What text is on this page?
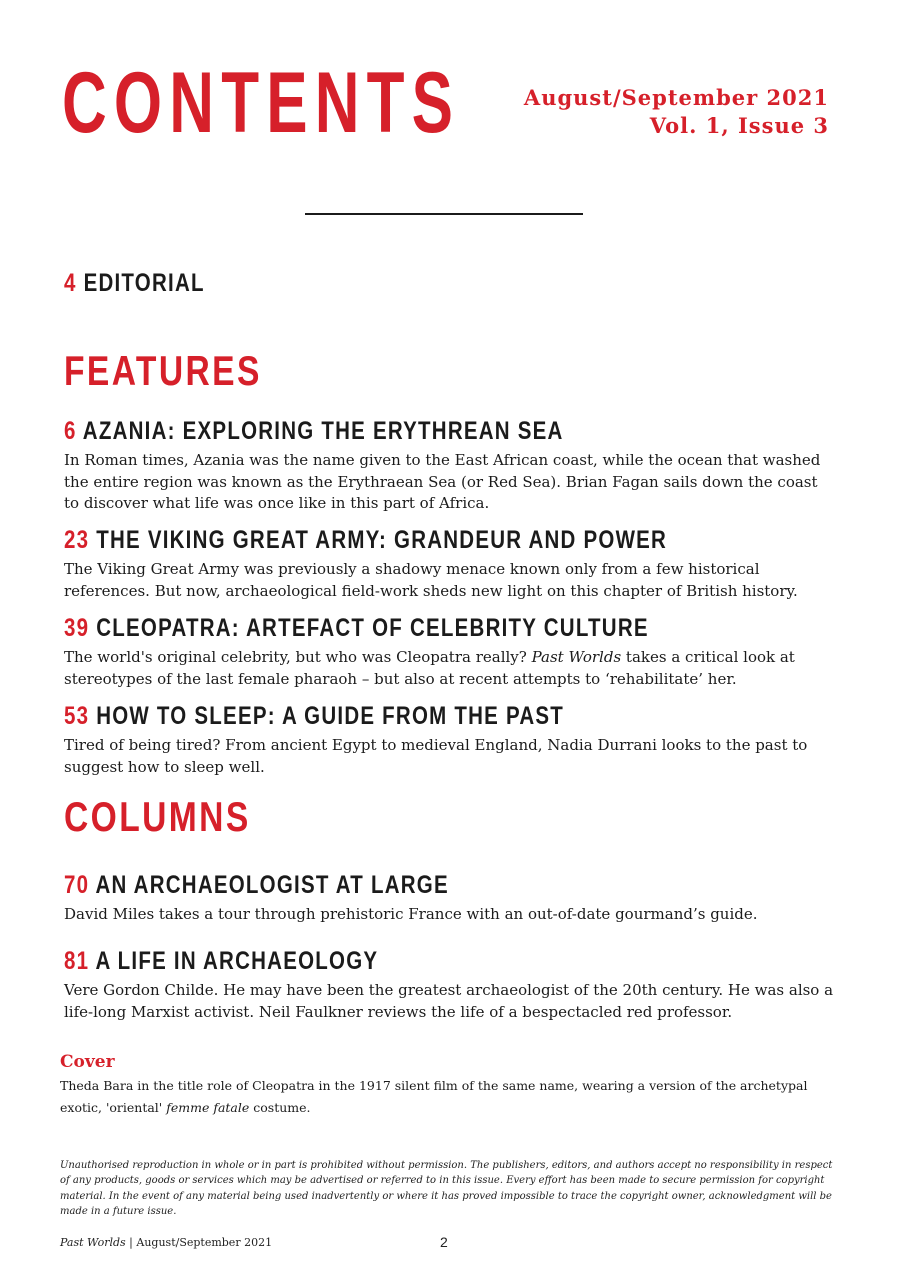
CONTENTS	August/September 2021
Vol. 1, Issue 3
4 EDITORIAL
FEATURES
6 AZANIA: EXPLORING THE ERYTHREAN SEA
In Roman times, Azania was the name given to the East African coast, while the ocean that washed the entire region was known as the Erythraean Sea (or Red Sea). Brian Fagan sails down the coast to discover what life was once like in this part of Africa.
23 THE VIKING GREAT ARMY: GRANDEUR AND POWER
The Viking Great Army was previously a shadowy menace known only from a few historical references. But now, archaeological field-work sheds new light on this chapter of British history.
39 CLEOPATRA: ARTEFACT OF CELEBRITY CULTURE
The world's original celebrity, but who was Cleopatra really? Past Worlds takes a critical look at stereotypes of the last female pharaoh – but also at recent attempts to ‘rehabilitate’ her.
53 HOW TO SLEEP: A GUIDE FROM THE PAST
Tired of being tired? From ancient Egypt to medieval England, Nadia Durrani looks to the past to suggest how to sleep well.
COLUMNS
70 AN ARCHAEOLOGIST AT LARGE
David Miles takes a tour through prehistoric France with an out-of-date gourmand’s guide.
81 A LIFE IN ARCHAEOLOGY
Vere Gordon Childe. He may have been the greatest archaeologist of the 20th century. He was also a life-long Marxist activist. Neil Faulkner reviews the life of a bespectacled red professor.
Cover
Theda Bara in the title role of Cleopatra in the 1917 silent film of the same name, wearing a version of the archetypal exotic, 'oriental' femme fatale costume.
Unauthorised reproduction in whole or in part is prohibited without permission. The publishers, editors, and authors accept no responsibility in respect of any products, goods or services which may be advertised or referred to in this issue. Every effort has been made to secure permission for copyright material. In the event of any material being used inadvertently or where it has proved impossible to trace the copyright owner, acknowledgment will be made in a future issue.
Past Worlds | August/September 2021	2
